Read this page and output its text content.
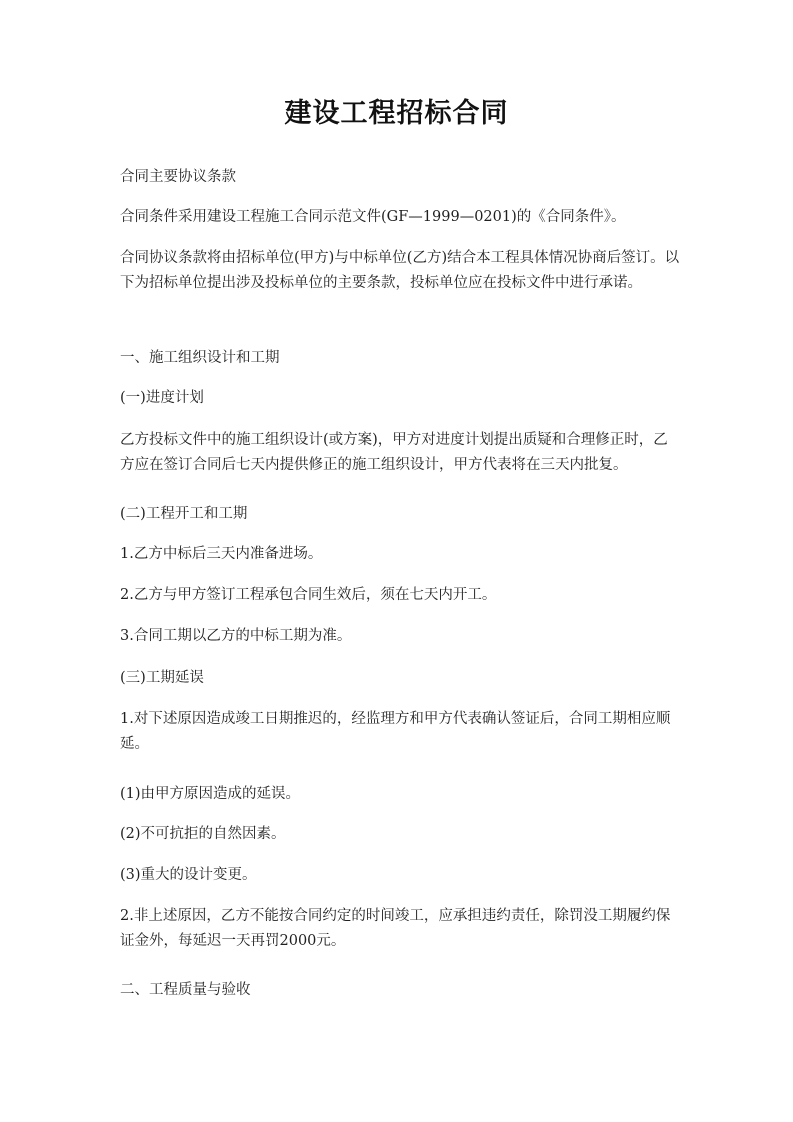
建设工程招标合同

合同主要协议条款

合同条件采用建设工程施工合同示范文件(GF—1999—0201)的《合同条件》。

合同协议条款将由招标单位(甲方)与中标单位(乙方)结合本工程具体情况协商后签订。以下为招标单位提出涉及投标单位的主要条款，投标单位应在投标文件中进行承诺。

一、施工组织设计和工期

(一)进度计划

乙方投标文件中的施工组织设计(或方案)，甲方对进度计划提出质疑和合理修正时，乙方应在签订合同后七天内提供修正的施工组织设计，甲方代表将在三天内批复。

(二)工程开工和工期

1.乙方中标后三天内准备进场。

2.乙方与甲方签订工程承包合同生效后，须在七天内开工。

3.合同工期以乙方的中标工期为准。

(三)工期延误

1.对下述原因造成竣工日期推迟的，经监理方和甲方代表确认签证后，合同工期相应顺延。

(1)由甲方原因造成的延误。

(2)不可抗拒的自然因素。

(3)重大的设计变更。

2.非上述原因，乙方不能按合同约定的时间竣工，应承担违约责任，除罚没工期履约保证金外，每延迟一天再罚2000元。

二、工程质量与验收
